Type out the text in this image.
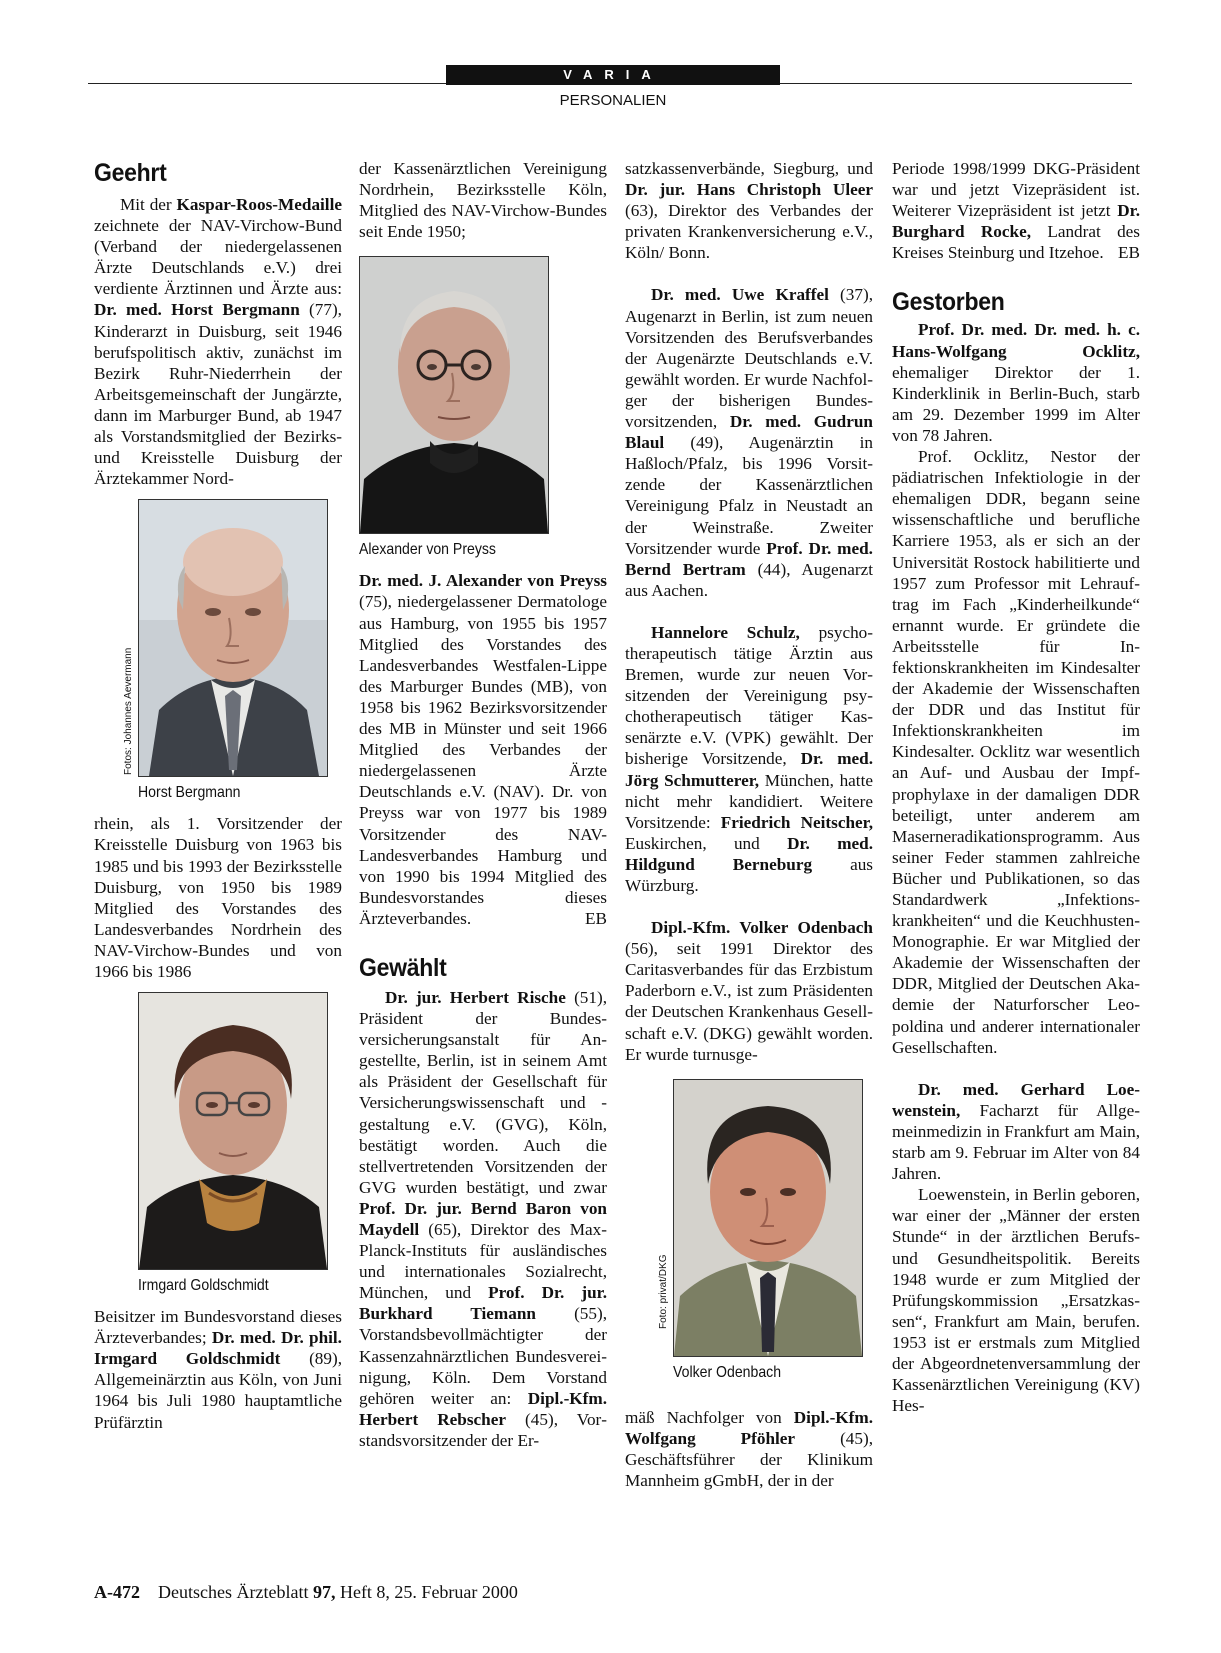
VARIA
PERSONALIEN
Geehrt

Mit der Kaspar-Roos-Medaille zeichnete der NAV-Virchow-Bund (Verband der niedergelassenen Ärzte Deutschlands e.V.) drei verdiente Ärztinnen und Ärzte aus: Dr. med. Horst Bergmann (77), Kinderarzt in Duisburg, seit 1946 berufspolitisch aktiv, zunächst im Bezirk Ruhr-Niederrhein der Arbeitsgemeinschaft der Jungärzte, dann im Marburger Bund, ab 1947 als Vorstandsmitglied der Bezirks- und Kreisstelle Duisburg der Ärztekammer Nord-

Fotos: Johannes Aevermann
Horst Bergmann

rhein, als 1. Vorsitzender der Kreisstelle Duisburg von 1963 bis 1985 und bis 1993 der Bezirksstelle Duisburg, von 1950 bis 1989 Mitglied des Vorstandes des Landesverbandes Nordrhein des NAV-Virchow-Bundes und von 1966 bis 1986

Irmgard Goldschmidt

Beisitzer im Bundesvorstand dieses Ärzteverbandes; Dr. med. Dr. phil. Irmgard Goldschmidt (89), Allgemeinärztin aus Köln, von Juni 1964 bis Juli 1980 hauptamtliche Prüfärztin

der Kassenärztlichen Vereinigung Nordrhein, Bezirksstelle Köln, Mitglied des NAV-Virchow-Bundes seit Ende 1950;

Alexander von Preyss

Dr. med. J. Alexander von Preyss (75), niedergelassener Dermatologe aus Hamburg, von 1955 bis 1957 Mitglied des Vorstandes des Landesverbandes Westfalen-Lippe des Marburger Bundes (MB), von 1958 bis 1962 Bezirksvorsitzender des MB in Münster und seit 1966 Mitglied des Verbandes der niedergelassenen Ärzte Deutschlands e.V. (NAV). Dr. von Preyss war von 1977 bis 1989 Vorsitzender des NAV-Landesverbandes Hamburg und von 1990 bis 1994 Mitglied des Bundesvorstandes dieses Ärzteverbandes.	EB

Gewählt

Dr. jur. Herbert Rische (51), Präsident der Bundesversicherungsanstalt für Angestellte, Berlin, ist in seinem Amt als Präsident der Gesellschaft für Versicherungswissenschaft und -gestaltung e.V. (GVG), Köln, bestätigt worden. Auch die stellvertretenden Vorsitzenden der GVG wurden bestätigt, und zwar Prof. Dr. jur. Bernd Baron von Maydell (65), Direktor des Max-Planck-Instituts für ausländisches und internationales Sozialrecht, München, und Prof. Dr. jur. Burkhard Tiemann (55), Vorstandsbevollmächtigter der Kassenzahnärztlichen Bundesvereinigung, Köln. Dem Vorstand gehören weiter an: Dipl.-Kfm. Herbert Rebscher (45), Vorstandsvorsitzender der Er-

satzkassenverbände, Siegburg, und Dr. jur. Hans Christoph Uleer (63), Direktor des Verbandes der privaten Krankenversicherung e.V., Köln/ Bonn.

Dr. med. Uwe Kraffel (37), Augenarzt in Berlin, ist zum neuen Vorsitzenden des Berufsverbandes der Augenärzte Deutschlands e.V. gewählt worden. Er wurde Nachfolger der bisherigen Bundesvorsitzenden, Dr. med. Gudrun Blaul (49), Augenärztin in Haßloch/Pfalz, bis 1996 Vorsitzende der Kassenärztlichen Vereinigung Pfalz in Neustadt an der Weinstraße. Zweiter Vorsitzender wurde Prof. Dr. med. Bernd Bertram (44), Augenarzt aus Aachen.

Hannelore Schulz, psychotherapeutisch tätige Ärztin aus Bremen, wurde zur neuen Vorsitzenden der Vereinigung psychotherapeutisch tätiger Kassenärzte e.V. (VPK) gewählt. Der bisherige Vorsitzende, Dr. med. Jörg Schmutterer, München, hatte nicht mehr kandidiert. Weitere Vorsitzende: Friedrich Neitscher, Euskirchen, und Dr. med. Hildgund Berneburg aus Würzburg.

Dipl.-Kfm. Volker Odenbach (56), seit 1991 Direktor des Caritasverbandes für das Erzbistum Paderborn e.V., ist zum Präsidenten der Deutschen Krankenhaus Gesellschaft e.V. (DKG) gewählt worden. Er wurde turnusge-

Foto: privat/DKG
Volker Odenbach

mäß Nachfolger von Dipl.-Kfm. Wolfgang Pföhler (45), Geschäftsführer der Klinikum Mannheim gGmbH, der in der

Periode 1998/1999 DKG-Präsident war und jetzt Vizepräsident ist. Weiterer Vizepräsident ist jetzt Dr. Burghard Rocke, Landrat des Kreises Steinburg und Itzehoe. EB

Gestorben

Prof. Dr. med. Dr. med. h. c. Hans-Wolfgang Ocklitz, ehemaliger Direktor der 1. Kinderklinik in Berlin-Buch, starb am 29. Dezember 1999 im Alter von 78 Jahren.

Prof. Ocklitz, Nestor der pädiatrischen Infektiologie in der ehemaligen DDR, begann seine wissenschaftliche und berufliche Karriere 1953, als er sich an der Universität Rostock habilitierte und 1957 zum Professor mit Lehrauftrag im Fach „Kinderheilkunde“ ernannt wurde. Er gründete die Arbeitsstelle für Infektionskrankheiten im Kindesalter der Akademie der Wissenschaften der DDR und das Institut für Infektionskrankheiten im Kindesalter. Ocklitz war wesentlich an Auf- und Ausbau der Impfprophylaxe in der damaligen DDR beteiligt, unter anderem am Maserneradikationsprogramm. Aus seiner Feder stammen zahlreiche Bücher und Publikationen, so das Standardwerk „Infektionskrankheiten“ und die Keuchhusten-Monographie. Er war Mitglied der Akademie der Wissenschaften der DDR, Mitglied der Deutschen Akademie der Naturforscher Leopoldina und anderer internationaler Gesellschaften.

Dr. med. Gerhard Loewenstein, Facharzt für Allgemeinmedizin in Frankfurt am Main, starb am 9. Februar im Alter von 84 Jahren.

Loewenstein, in Berlin geboren, war einer der „Männer der ersten Stunde“ in der ärztlichen Berufs- und Gesundheitspolitik. Bereits 1948 wurde er zum Mitglied der Prüfungskommission „Ersatzkassen“, Frankfurt am Main, berufen. 1953 ist er erstmals zum Mitglied der Abgeordnetenversammlung der Kassenärztlichen Vereinigung (KV) Hes-

A-472 Deutsches Ärzteblatt 97, Heft 8, 25. Februar 2000
